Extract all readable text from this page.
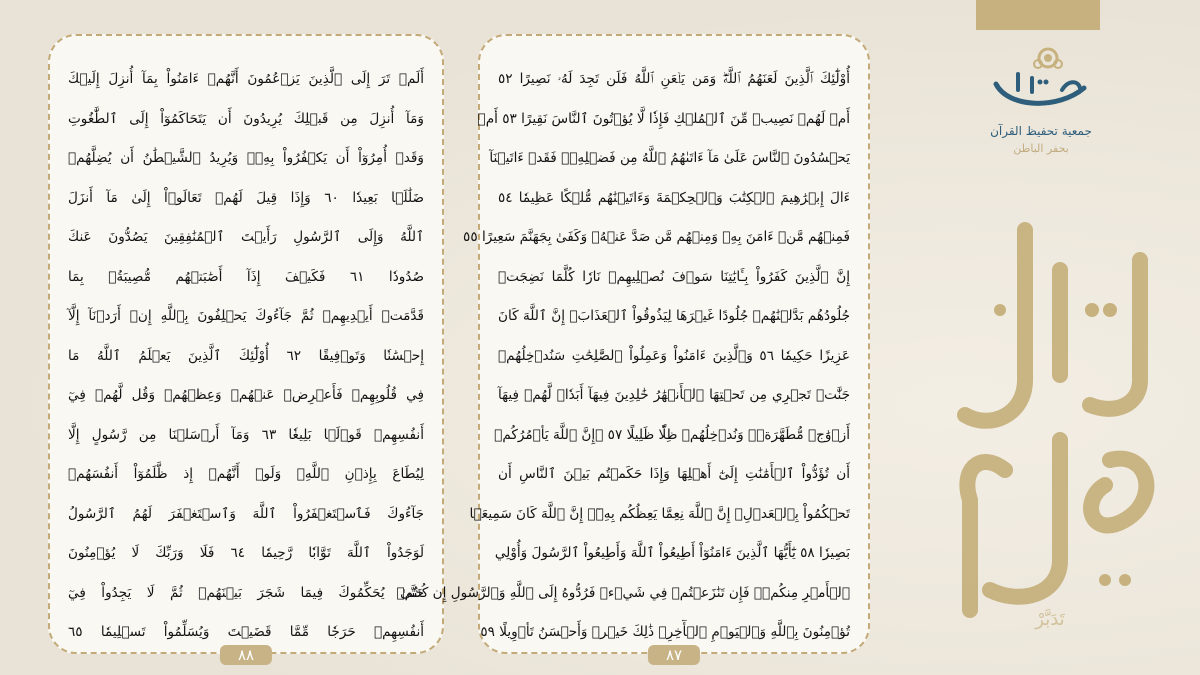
أَلَمۡ تَرَ إِلَى ٱلَّذِينَ يَزۡعُمُونَ أَنَّهُمۡ ءَامَنُواْ بِمَآ أُنزِلَ إِلَيۡكَ
وَمَآ أُنزِلَ مِن قَبۡلِكَ يُرِيدُونَ أَن يَتَحَاكَمُوٓاْ إِلَى ٱلطَّٰغُوتِ
وَقَدۡ أُمِرُوٓاْ أَن يَكۡفُرُواْ بِهِۦۖ وَيُرِيدُ ٱلشَّيۡطَٰنُ أَن يُضِلَّهُمۡ
ضَلَٰلَۢا بَعِيدٗا ٦٠ وَإِذَا قِيلَ لَهُمۡ تَعَالَوۡاْ إِلَىٰ مَآ أَنزَلَ
ٱللَّهُ وَإِلَى ٱلرَّسُولِ رَأَيۡتَ ٱلۡمُنَٰفِقِينَ يَصُدُّونَ عَنكَ
صُدُودٗا ٦١ فَكَيۡفَ إِذَآ أَصَٰبَتۡهُم مُّصِيبَةُۢ بِمَا
قَدَّمَتۡ أَيۡدِيهِمۡ ثُمَّ جَآءُوكَ يَحۡلِفُونَ بِٱللَّهِ إِنۡ أَرَدۡنَآ إِلَّآ
إِحۡسَٰنٗا وَتَوۡفِيقًا ٦٢ أُوْلَٰٓئِكَ ٱلَّذِينَ يَعۡلَمُ ٱللَّهُ مَا
فِي قُلُوبِهِمۡ فَأَعۡرِضۡ عَنۡهُمۡ وَعِظۡهُمۡ وَقُل لَّهُمۡ فِيٓ
أَنفُسِهِمۡ قَوۡلَۢا بَلِيغٗا ٦٣ وَمَآ أَرۡسَلۡنَا مِن رَّسُولٍ إِلَّا
لِيُطَاعَ بِإِذۡنِ ٱللَّهِۚ وَلَوۡ أَنَّهُمۡ إِذ ظَّلَمُوٓاْ أَنفُسَهُمۡ
جَآءُوكَ فَٱسۡتَغۡفَرُواْ ٱللَّهَ وَٱسۡتَغۡفَرَ لَهُمُ ٱلرَّسُولُ
لَوَجَدُواْ ٱللَّهَ تَوَّابٗا رَّحِيمٗا ٦٤ فَلَا وَرَبِّكَ لَا يُؤۡمِنُونَ
حَتَّىٰ يُحَكِّمُوكَ فِيمَا شَجَرَ بَيۡنَهُمۡ ثُمَّ لَا يَجِدُواْ فِيٓ
أَنفُسِهِمۡ حَرَجٗا مِّمَّا قَضَيۡتَ وَيُسَلِّمُواْ تَسۡلِيمٗا ٦٥
٨٨
أُوْلَٰٓئِكَ ٱلَّذِينَ لَعَنَهُمُ ٱللَّهُۖ وَمَن يَلۡعَنِ ٱللَّهُ فَلَن تَجِدَ لَهُۥ نَصِيرًا ٥٢
أَمۡ لَهُمۡ نَصِيبٞ مِّنَ ٱلۡمُلۡكِ فَإِذٗا لَّا يُؤۡتُونَ ٱلنَّاسَ نَقِيرًا ٥٣ أَمۡ
يَحۡسُدُونَ ٱلنَّاسَ عَلَىٰ مَآ ءَاتَىٰهُمُ ٱللَّهُ مِن فَضۡلِهِۦۖ فَقَدۡ ءَاتَيۡنَآ
ءَالَ إِبۡرَٰهِيمَ ٱلۡكِتَٰبَ وَٱلۡحِكۡمَةَ وَءَاتَيۡنَٰهُم مُّلۡكًا عَظِيمٗا ٥٤
فَمِنۡهُم مَّنۡ ءَامَنَ بِهِۦ وَمِنۡهُم مَّن صَدَّ عَنۡهُۚ وَكَفَىٰ بِجَهَنَّمَ سَعِيرًا ٥٥
إِنَّ ٱلَّذِينَ كَفَرُواْ بِـَٔايَٰتِنَا سَوۡفَ نُصۡلِيهِمۡ نَارٗا كُلَّمَا نَضِجَتۡ
جُلُودُهُم بَدَّلۡنَٰهُمۡ جُلُودًا غَيۡرَهَا لِيَذُوقُواْ ٱلۡعَذَابَۗ إِنَّ ٱللَّهَ كَانَ
عَزِيزًا حَكِيمٗا ٥٦ وَٱلَّذِينَ ءَامَنُواْ وَعَمِلُواْ ٱلصَّٰلِحَٰتِ سَنُدۡخِلُهُمۡ
جَنَّٰتٖ تَجۡرِي مِن تَحۡتِهَا ٱلۡأَنۡهَٰرُ خَٰلِدِينَ فِيهَآ أَبَدٗاۖ لَّهُمۡ فِيهَآ
أَزۡوَٰجٞ مُّطَهَّرَةٞۖ وَنُدۡخِلُهُمۡ ظِلّٗا ظَلِيلًا ٥٧ ۞إِنَّ ٱللَّهَ يَأۡمُرُكُمۡ
أَن تُؤَدُّواْ ٱلۡأَمَٰنَٰتِ إِلَىٰٓ أَهۡلِهَا وَإِذَا حَكَمۡتُم بَيۡنَ ٱلنَّاسِ أَن
تَحۡكُمُواْ بِٱلۡعَدۡلِۚ إِنَّ ٱللَّهَ نِعِمَّا يَعِظُكُم بِهِۦٓۗ إِنَّ ٱللَّهَ كَانَ سَمِيعَۢا
بَصِيرٗا ٥٨ يَٰٓأَيُّهَا ٱلَّذِينَ ءَامَنُوٓاْ أَطِيعُواْ ٱللَّهَ وَأَطِيعُواْ ٱلرَّسُولَ وَأُوْلِي
ٱلۡأَمۡرِ مِنكُمۡۖ فَإِن تَنَٰزَعۡتُمۡ فِي شَيۡءٖ فَرُدُّوهُ إِلَى ٱللَّهِ وَٱلرَّسُولِ إِن كُنتُمۡ
تُؤۡمِنُونَ بِٱللَّهِ وَٱلۡيَوۡمِ ٱلۡأٓخِرِۚ ذَٰلِكَ خَيۡرٞ وَأَحۡسَنُ تَأۡوِيلًا ٥٩
٨٧
جمعية تحفيظ القرآن
بحفر الباطن
تَدَبَّرْ
